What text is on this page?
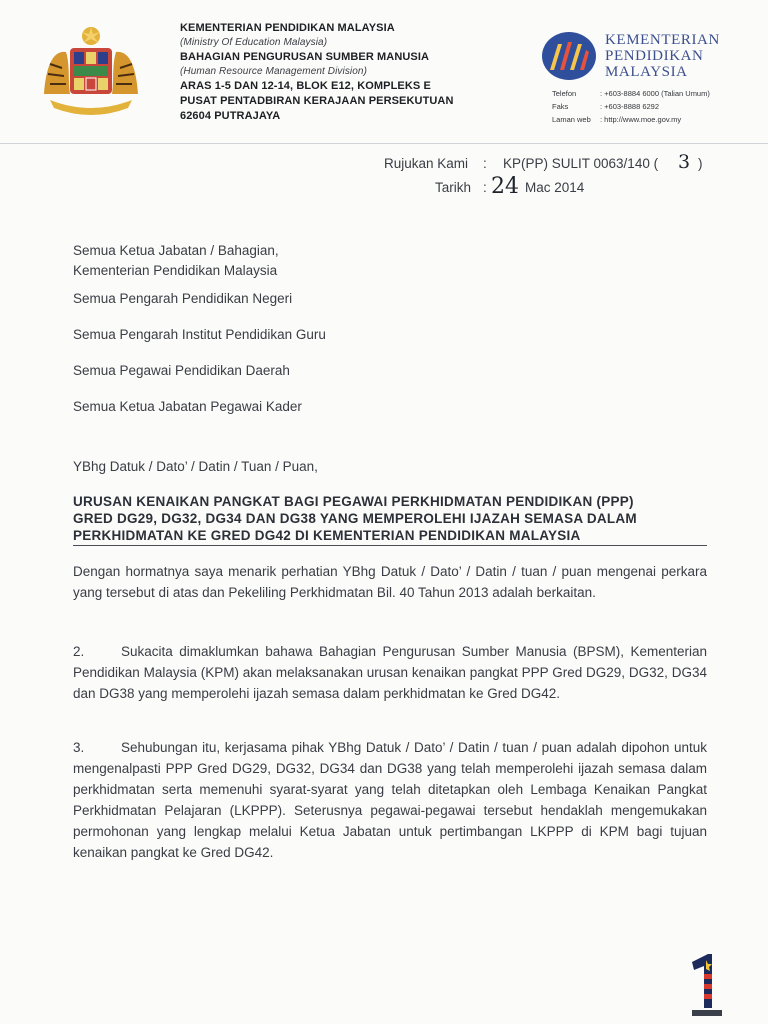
KEMENTERIAN PENDIDIKAN MALAYSIA
(Ministry Of Education Malaysia)
BAHAGIAN PENGURUSAN SUMBER MANUSIA
(Human Resource Management Division)
ARAS 1-5 DAN 12-14, BLOK E12, KOMPLEKS E
PUSAT PENTADBIRAN KERAJAAN PERSEKUTUAN
62604 PUTRAJAYA
KEMENTERIAN
PENDIDIKAN
MALAYSIA
Telefon	: +603-8884 6000 (Talian Umum)
Faks	: +603-8888 6292
Laman web : http://www.moe.gov.my
Rujukan Kami : KP(PP) SULIT 0063/140 ( 3 )
Tarikh : 24 Mac 2014
Semua Ketua Jabatan / Bahagian,
Kementerian Pendidikan Malaysia
Semua Pengarah Pendidikan Negeri
Semua Pengarah Institut Pendidikan Guru
Semua Pegawai Pendidikan Daerah
Semua Ketua Jabatan Pegawai Kader
YBhg Datuk / Dato’ / Datin / Tuan / Puan,
URUSAN KENAIKAN PANGKAT BAGI PEGAWAI PERKHIDMATAN PENDIDIKAN (PPP)
GRED DG29, DG32, DG34 DAN DG38 YANG MEMPEROLEHI IJAZAH SEMASA DALAM
PERKHIDMATAN KE GRED DG42 DI KEMENTERIAN PENDIDIKAN MALAYSIA
Dengan hormatnya saya menarik perhatian YBhg Datuk / Dato’ / Datin / tuan / puan mengenai perkara yang tersebut di atas dan Pekeliling Perkhidmatan Bil. 40 Tahun 2013 adalah berkaitan.
2.	Sukacita dimaklumkan bahawa Bahagian Pengurusan Sumber Manusia (BPSM), Kementerian Pendidikan Malaysia (KPM) akan melaksanakan urusan kenaikan pangkat PPP Gred DG29, DG32, DG34 dan DG38 yang memperolehi ijazah semasa dalam perkhidmatan ke Gred DG42.
3.	Sehubungan itu, kerjasama pihak YBhg Datuk / Dato’ / Datin / tuan / puan adalah dipohon untuk mengenalpasti PPP Gred DG29, DG32, DG34 dan DG38 yang telah memperolehi ijazah semasa dalam perkhidmatan serta memenuhi syarat-syarat yang telah ditetapkan oleh Lembaga Kenaikan Pangkat Perkhidmatan Pelajaran (LKPPP). Seterusnya pegawai-pegawai tersebut hendaklah mengemukakan permohonan yang lengkap melalui Ketua Jabatan untuk pertimbangan LKPPP di KPM bagi tujuan kenaikan pangkat ke Gred DG42.
